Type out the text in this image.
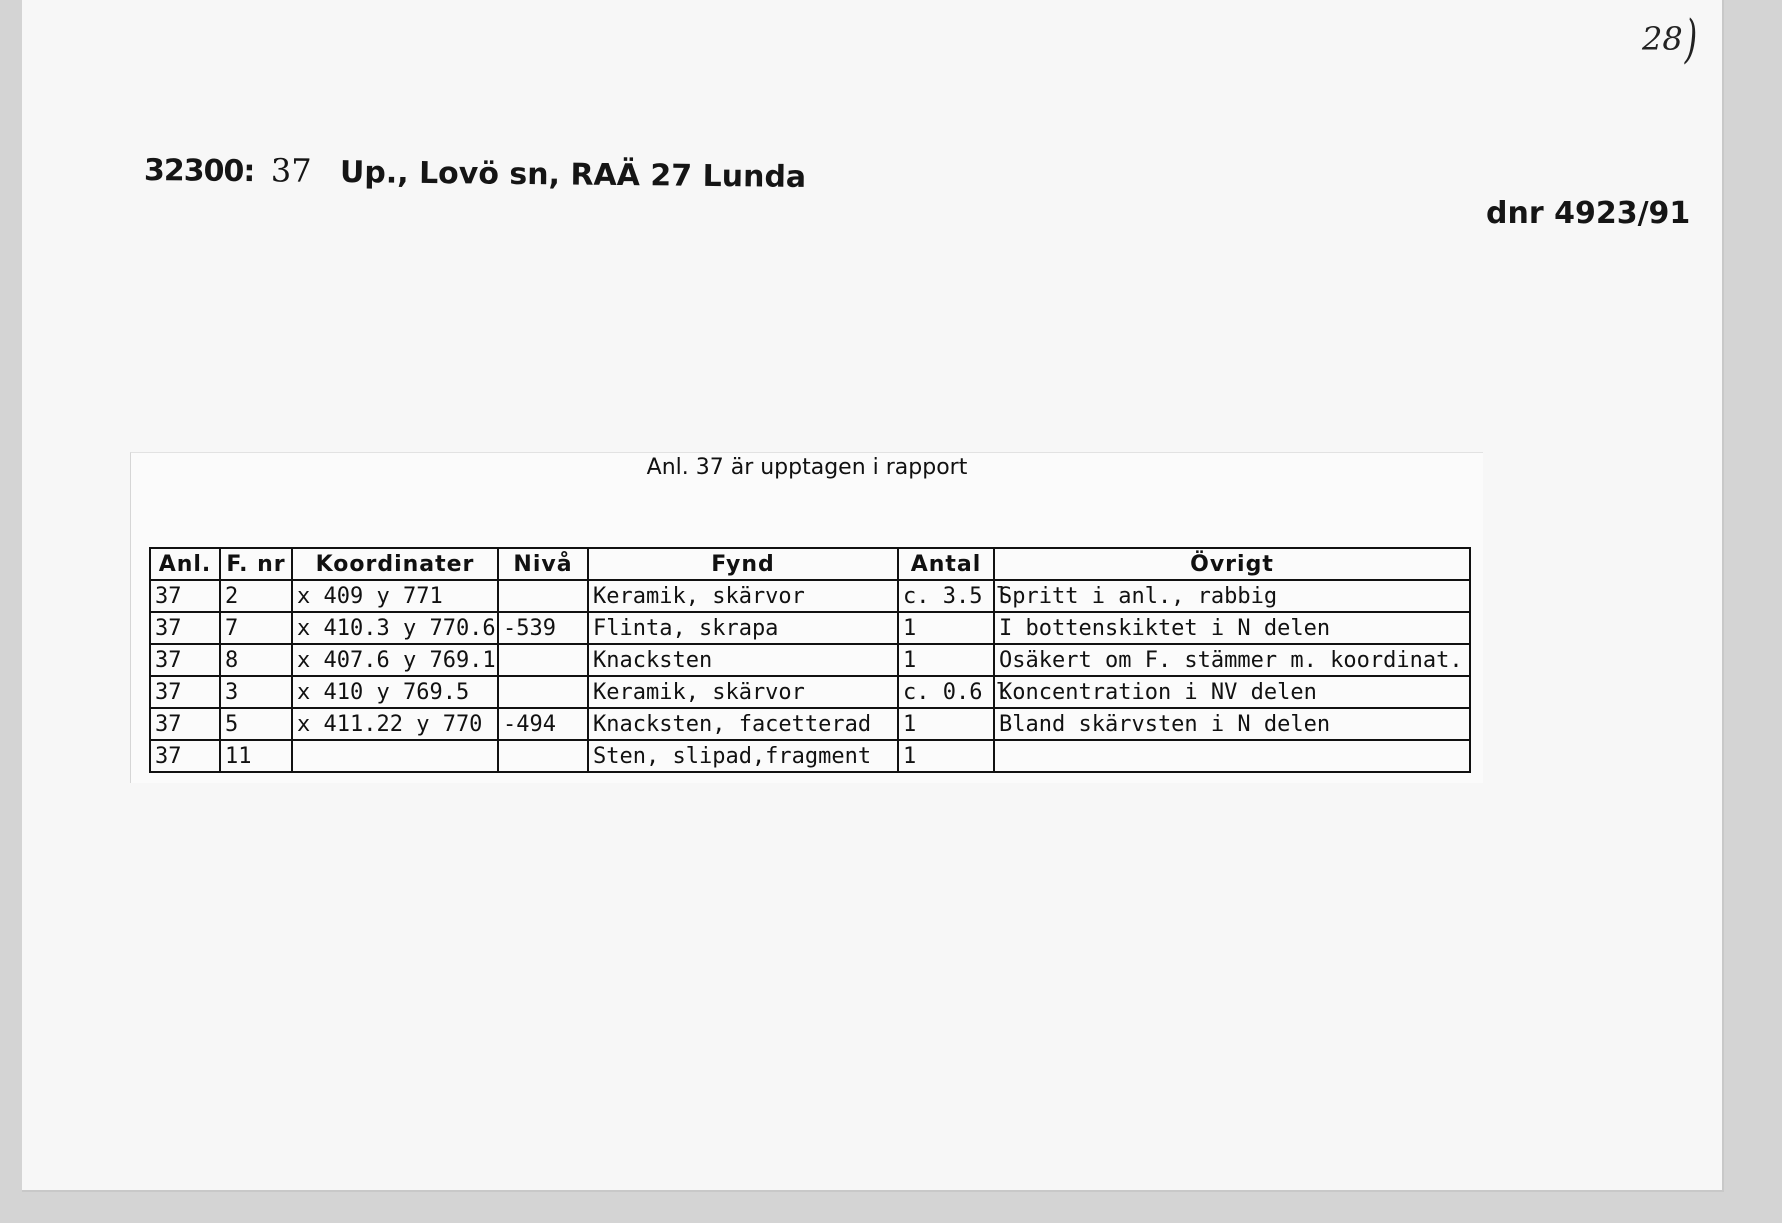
28)
32300: 37 Up., Lovö sn, RAÄ 27 Lunda
dnr 4923/91
Anl. 37 är upptagen i rapport
Anl.	F. nr	Koordinater	Nivå	Fynd	Antal	Övrigt
37	2	x 409 y 771		Keramik, skärvor	c. 3.5 l	Spritt i anl., rabbig
37	7	x 410.3 y 770.6	-539	Flinta, skrapa	1	I bottenskiktet i N delen
37	8	x 407.6 y 769.1		Knacksten	1	Osäkert om F. stämmer m. koordinat.
37	3	x 410 y 769.5		Keramik, skärvor	c. 0.6 l	Koncentration i NV delen
37	5	x 411.22 y 770	-494	Knacksten, facetterad	1	Bland skärvsten i N delen
37	11			Sten, slipad,fragment	1	
